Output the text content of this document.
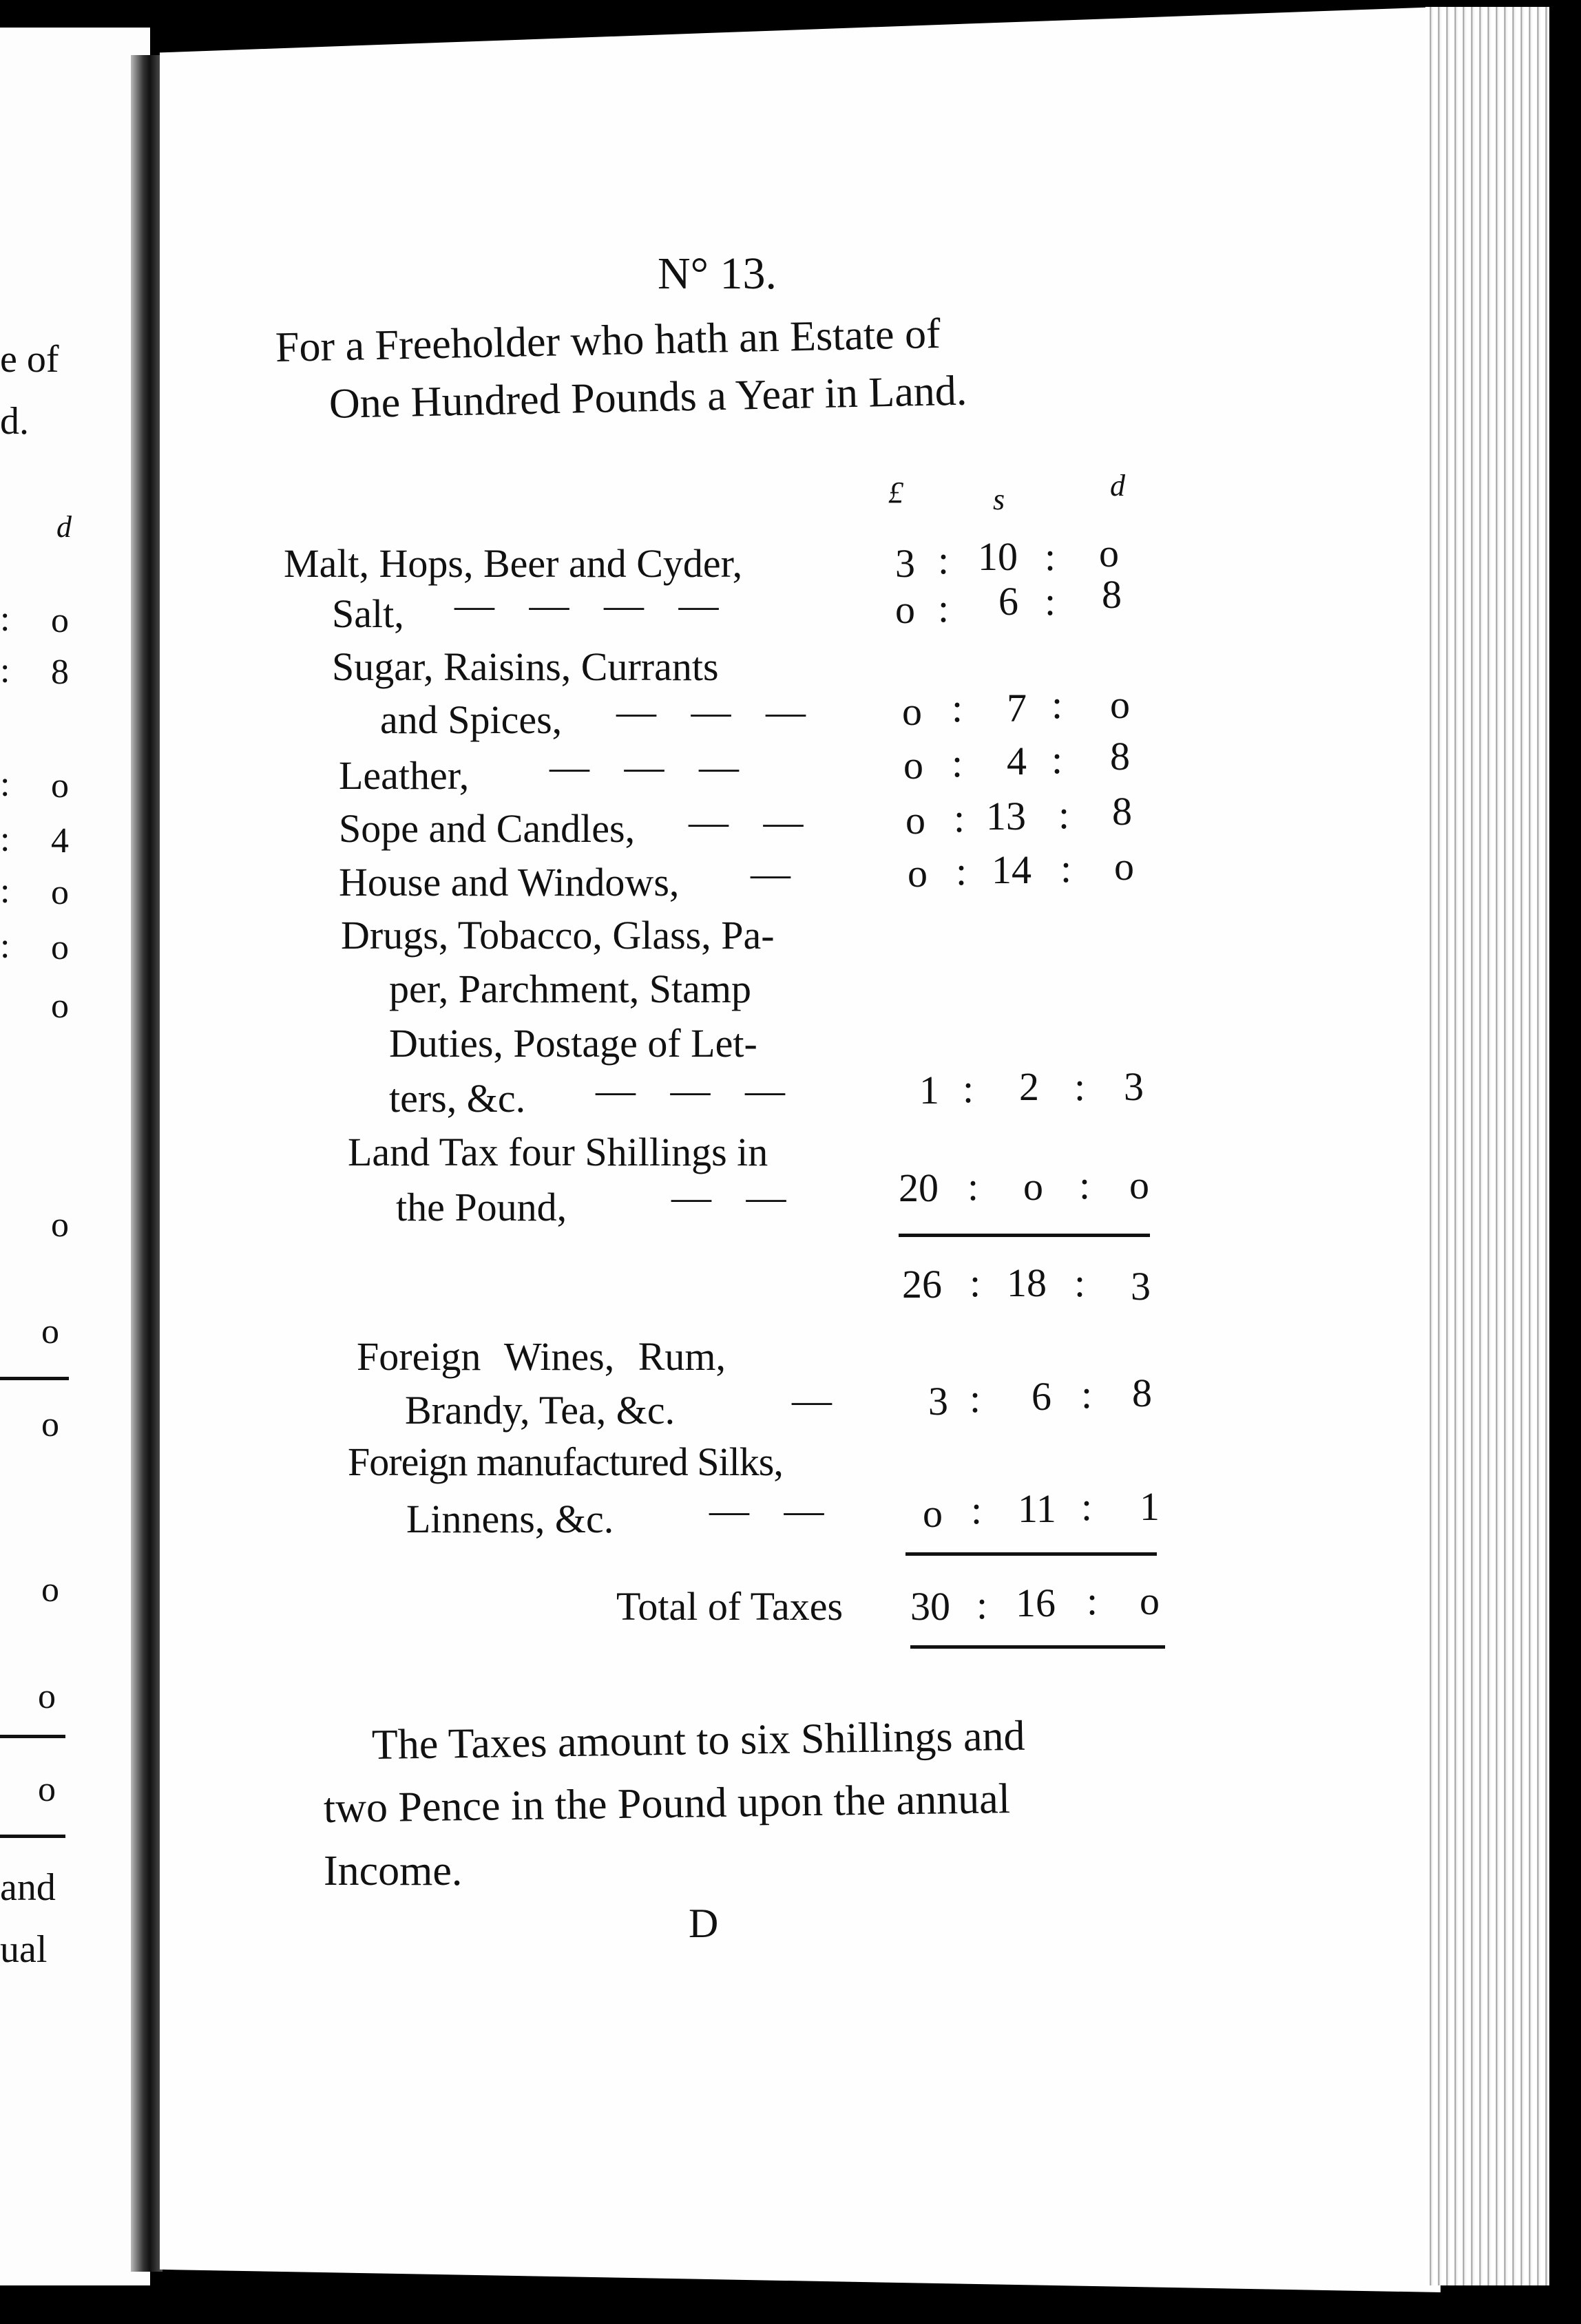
e of
d.
d
: o
: 8
: o
: 4
: o
: o
o
o
o
o
o
o
o
and
ual

N° 13.
For a Freeholder who hath an Estate of
One Hundred Pounds a Year in Land.
£	s	d
Malt, Hops, Beer and Cyder,	3 : 10 : o
Salt, — — — —	o : 6 : 8
Sugar, Raisins, Currants
and Spices, — — — o : 7 : o
Leather, — — —	o : 4 : 8
Sope and Candles, — — o : 13 : 8
House and Windows, —	o : 14 : o
Drugs, Tobacco, Glass, Pa-
per, Parchment, Stamp
Duties, Postage of Let-
ters, &c. — — —	1 : 2 : 3
Land Tax four Shillings in
the Pound,	— —	20 : o : o
26 : 18 : 3
Foreign Wines, Rum,
Brandy, Tea, &c.	— 3 : 6 : 8
Foreign manufactured Silks,
Linnens, &c. — — o : 11 : 1
Total of Taxes 30 : 16 : o
The Taxes amount to six Shillings and
two Pence in the Pound upon the annual
Income.
D
